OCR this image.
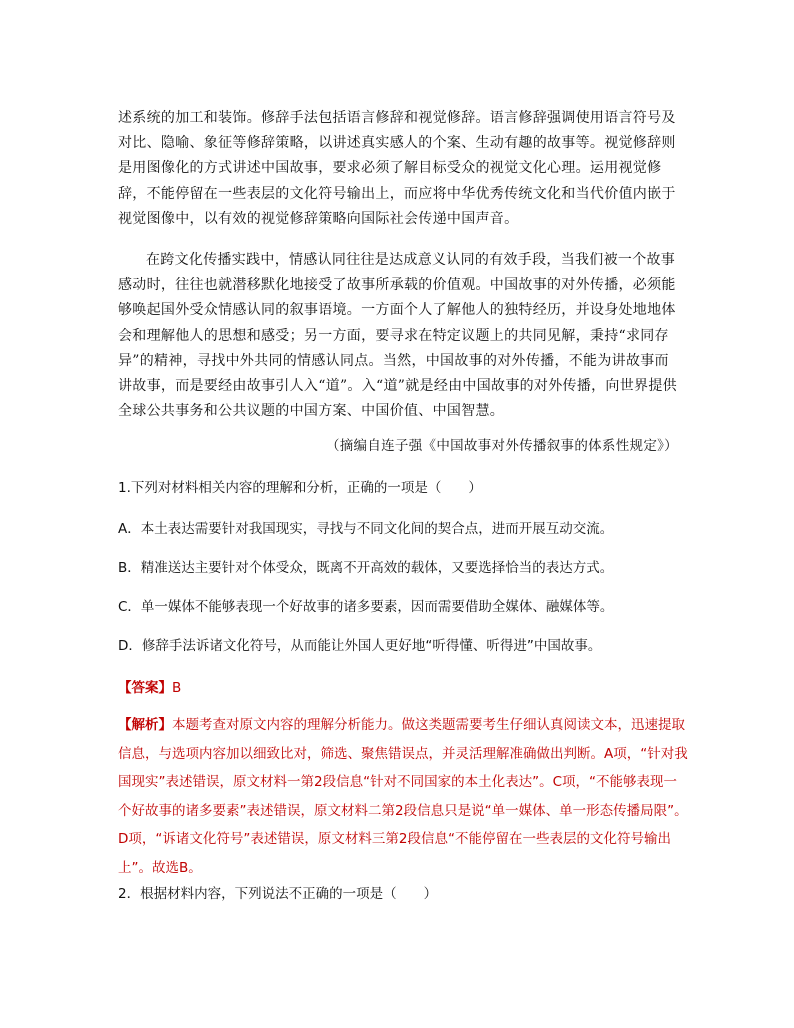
述系统的加工和装饰。修辞手法包括语言修辞和视觉修辞。语言修辞强调使用语言符号及对比、隐喻、象征等修辞策略，以讲述真实感人的个案、生动有趣的故事等。视觉修辞则是用图像化的方式讲述中国故事，要求必须了解目标受众的视觉文化心理。运用视觉修辞，不能停留在一些表层的文化符号输出上，而应将中华优秀传统文化和当代价值内嵌于视觉图像中，以有效的视觉修辞策略向国际社会传递中国声音。

在跨文化传播实践中，情感认同往往是达成意义认同的有效手段，当我们被一个故事感动时，往往也就潜移默化地接受了故事所承载的价值观。中国故事的对外传播，必须能够唤起国外受众情感认同的叙事语境。一方面个人了解他人的独特经历，并设身处地地体会和理解他人的思想和感受；另一方面，要寻求在特定议题上的共同见解，秉持“求同存异”的精神，寻找中外共同的情感认同点。当然，中国故事的对外传播，不能为讲故事而讲故事，而是要经由故事引人入“道”。入“道”就是经由中国故事的对外传播，向世界提供全球公共事务和公共议题的中国方案、中国价值、中国智慧。

（摘编自连子强《中国故事对外传播叙事的体系性规定》）
1.下列对材料相关内容的理解和分析，正确的一项是（　　）
A．本土表达需要针对我国现实，寻找与不同文化间的契合点，进而开展互动交流。
B．精准送达主要针对个体受众，既离不开高效的载体，又要选择恰当的表达方式。
C．单一媒体不能够表现一个好故事的诸多要素，因而需要借助全媒体、融媒体等。
D．修辞手法诉诸文化符号，从而能让外国人更好地“听得懂、听得进”中国故事。
【答案】B
【解析】本题考查对原文内容的理解分析能力。做这类题需要考生仔细认真阅读文本，迅速提取信息，与选项内容加以细致比对，筛选、聚焦错误点，并灵活理解准确做出判断。A项，“针对我国现实”表述错误，原文材料一第2段信息“针对不同国家的本土化表达”。C项，“不能够表现一个好故事的诸多要素”表述错误，原文材料二第2段信息只是说“单一媒体、单一形态传播局限”。 D项，“诉诸文化符号”表述错误，原文材料三第2段信息“不能停留在一些表层的文化符号输出上”。故选B。
2．根据材料内容，下列说法不正确的一项是（　　）
